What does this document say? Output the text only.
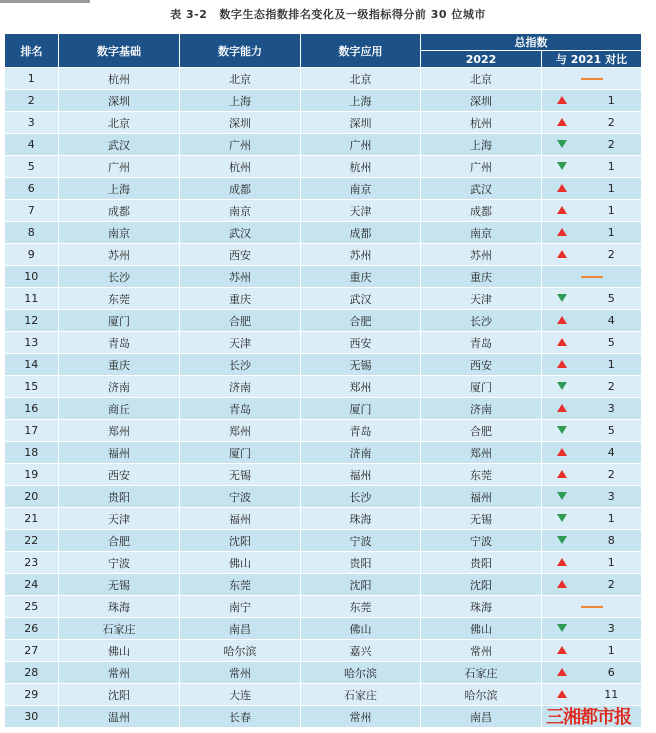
表 3-2 数字生态指数排名变化及一级指标得分前 30 位城市
排名	数字基础	数字能力	数字应用	总指数		
				2022	与 2021 对比	
1	杭州	北京	北京	北京		
2	深圳	上海	上海	深圳		1
3	北京	深圳	深圳	杭州		2
4	武汉	广州	广州	上海		2
5	广州	杭州	杭州	广州		1
6	上海	成都	南京	武汉		1
7	成都	南京	天津	成都		1
8	南京	武汉	成都	南京		1
9	苏州	西安	苏州	苏州		2
10	长沙	苏州	重庆	重庆		
11	东莞	重庆	武汉	天津		5
12	厦门	合肥	合肥	长沙		4
13	青岛	天津	西安	青岛		5
14	重庆	长沙	无锡	西安		1
15	济南	济南	郑州	厦门		2
16	商丘	青岛	厦门	济南		3
17	郑州	郑州	青岛	合肥		5
18	福州	厦门	济南	郑州		4
19	西安	无锡	福州	东莞		2
20	贵阳	宁波	长沙	福州		3
21	天津	福州	珠海	无锡		1
22	合肥	沈阳	宁波	宁波		8
23	宁波	佛山	贵阳	贵阳		1
24	无锡	东莞	沈阳	沈阳		2
25	珠海	南宁	东莞	珠海		
26	石家庄	南昌	佛山	佛山		3
27	佛山	哈尔滨	嘉兴	常州		1
28	常州	常州	哈尔滨	石家庄		6
29	沈阳	大连	石家庄	哈尔滨		11
30	温州	长春	常州	南昌			三湘都市报
